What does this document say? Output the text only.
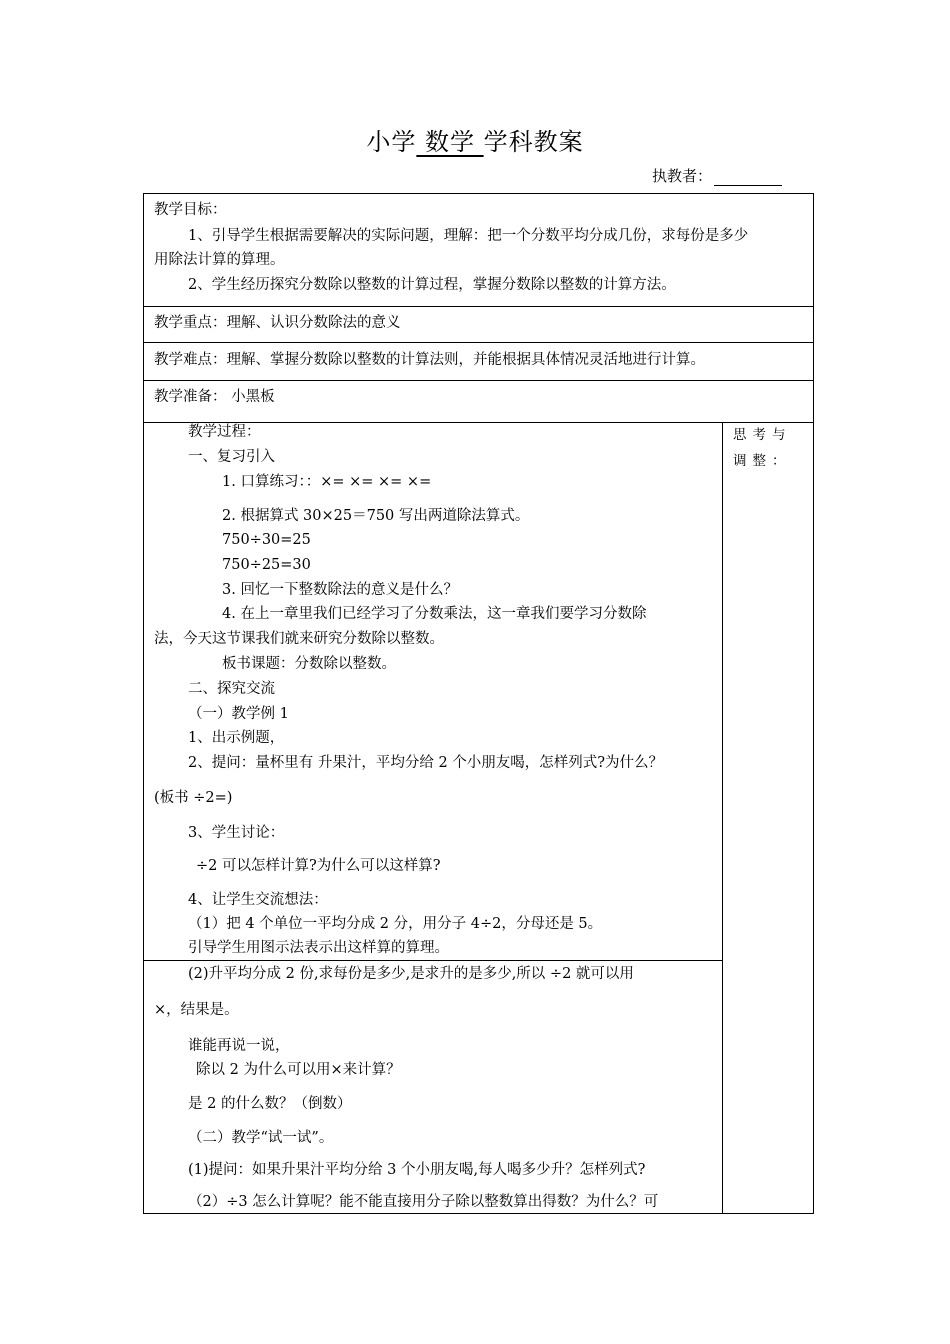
小学 数学 学科教案
执教者：
教学目标：
1、引导学生根据需要解决的实际问题，理解：把一个分数平均分成几份，求每份是多少
用除法计算的算理。
2、学生经历探究分数除以整数的计算过程，掌握分数除以整数的计算方法。
教学重点：理解、认识分数除法的意义
教学难点：理解、掌握分数除以整数的计算法则，并能根据具体情况灵活地进行计算。
教学准备： 小黑板
思考与调整：
教学过程：
一、复习引入
1. 口算练习：：×= ×= ×= ×=
2. 根据算式 30×25＝750 写出两道除法算式。
750÷30=25
750÷25=30
3. 回忆一下整数除法的意义是什么？
4. 在上一章里我们已经学习了分数乘法，这一章我们要学习分数除
法，今天这节课我们就来研究分数除以整数。
板书课题：分数除以整数。
二、探究交流
（一）教学例 1
1、出示例题，
2、提问：量杯里有 升果汁，平均分给 2 个小朋友喝，怎样列式?为什么？
(板书 ÷2=)
3、学生讨论：
÷2 可以怎样计算?为什么可以这样算?
4、让学生交流想法：
（1）把 4 个单位一平均分成 2 分，用分子 4÷2，分母还是 5。
引导学生用图示法表示出这样算的算理。
(2)升平均分成 2 份,求每份是多少,是求升的是多少,所以 ÷2 就可以用
×，结果是。
谁能再说一说，
除以 2 为什么可以用×来计算？
是 2 的什么数？（倒数）
（二）教学“试一试”。
(1)提问：如果升果汁平均分给 3 个小朋友喝,每人喝多少升？怎样列式?
（2）÷3 怎么计算呢？能不能直接用分子除以整数算出得数？为什么？可
